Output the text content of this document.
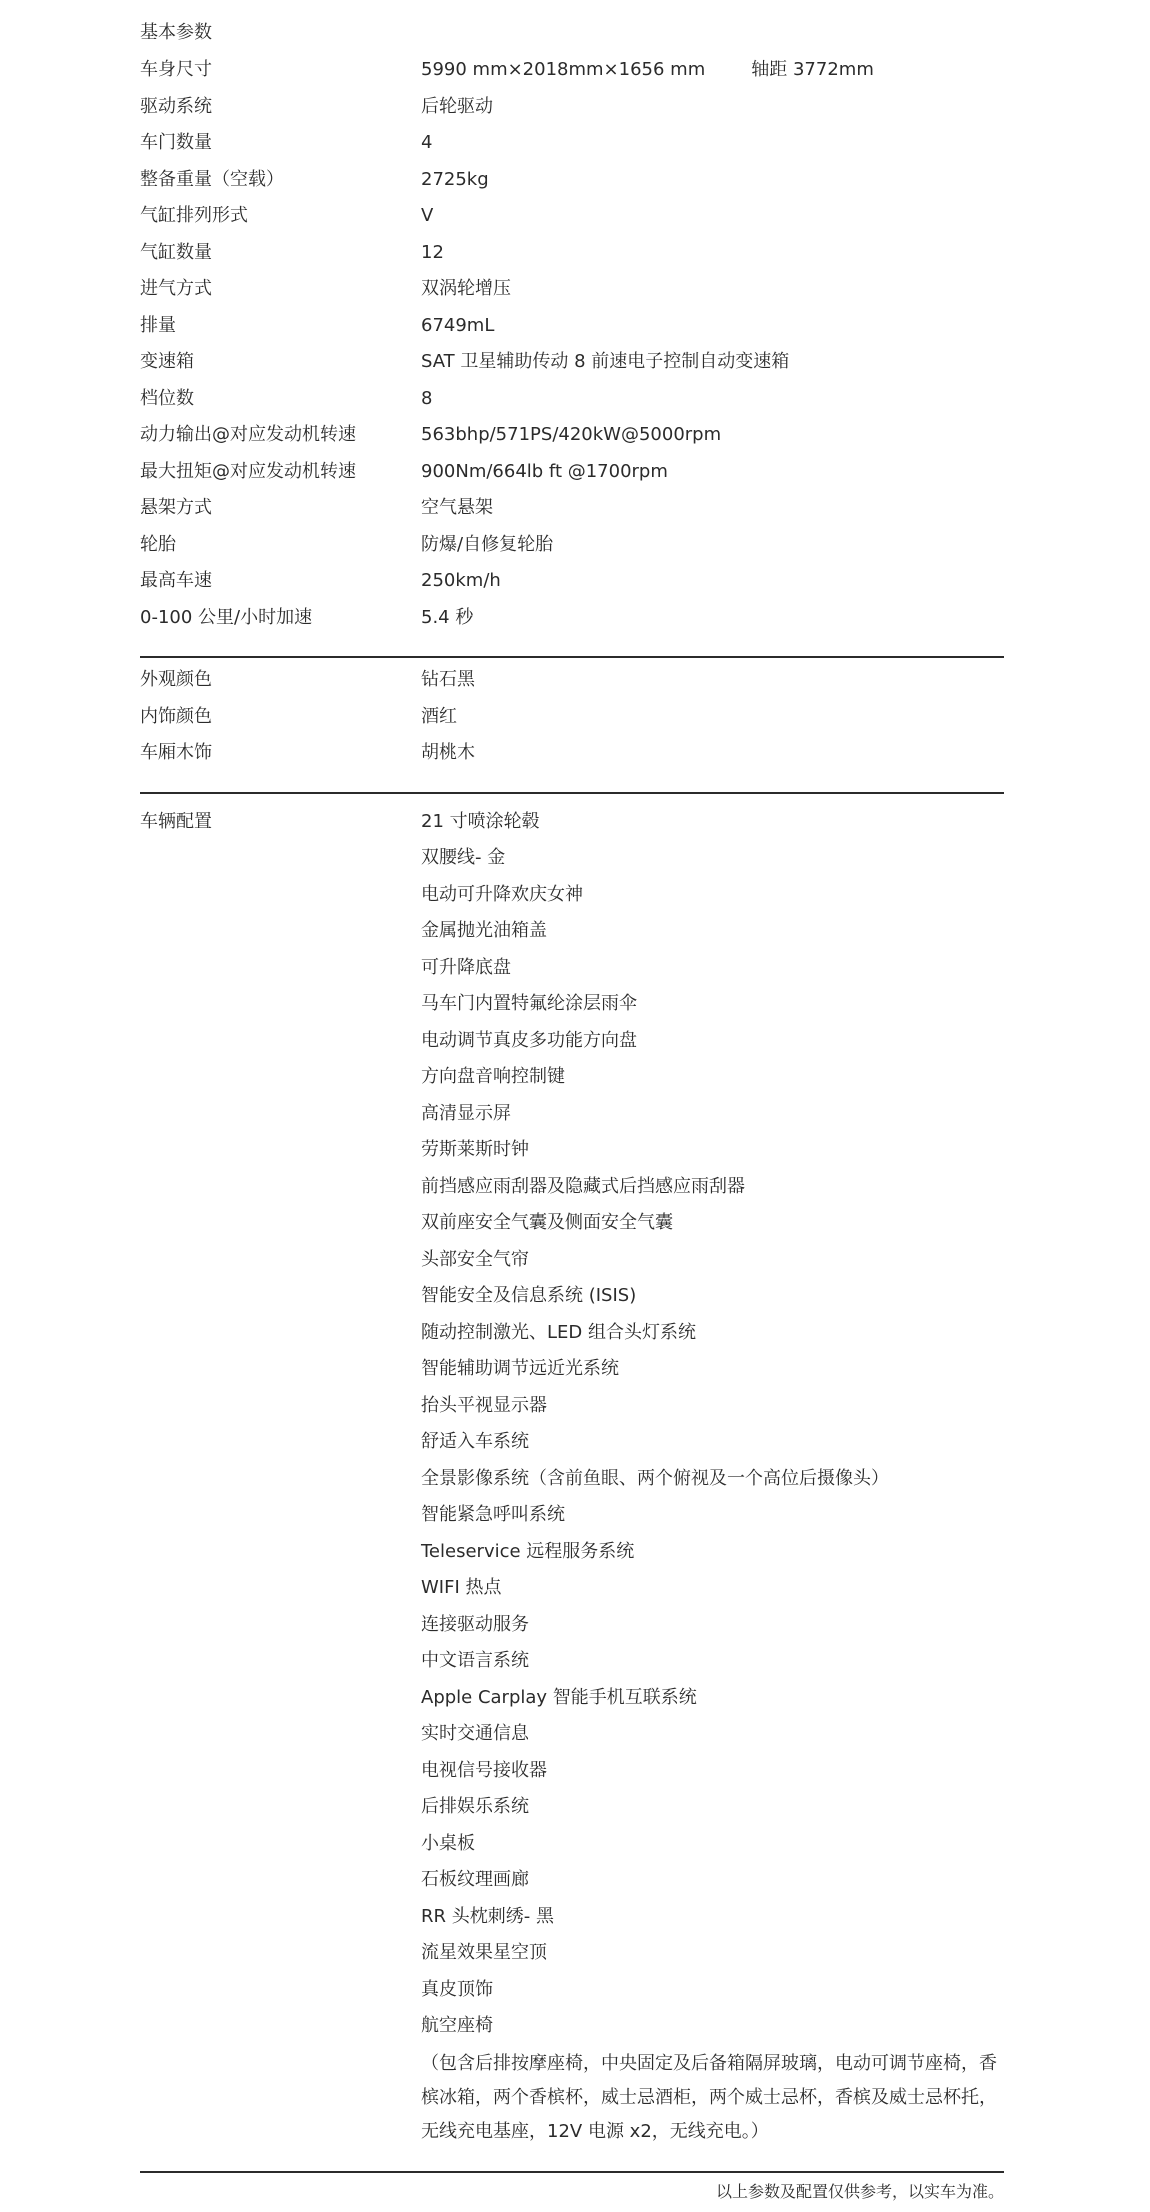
基本参数
车身尺寸	5990 mm×2018mm×1656 mm	轴距 3772mm
驱动系统	后轮驱动
车门数量	4
整备重量（空载）	2725kg
气缸排列形式	V
气缸数量	12
进气方式	双涡轮增压
排量	6749mL
变速箱	SAT 卫星辅助传动 8 前速电子控制自动变速箱
档位数	8
动力输出@对应发动机转速	563bhp/571PS/420kW@5000rpm
最大扭矩@对应发动机转速	900Nm/664lb ft @1700rpm
悬架方式	空气悬架
轮胎	防爆/自修复轮胎
最高车速	250km/h
0-100 公里/小时加速	5.4 秒
外观颜色	钻石黑
内饰颜色	酒红
车厢木饰	胡桃木
车辆配置	21 寸喷涂轮毂
双腰线- 金
电动可升降欢庆女神
金属抛光油箱盖
可升降底盘
马车门内置特氟纶涂层雨伞
电动调节真皮多功能方向盘
方向盘音响控制键
高清显示屏
劳斯莱斯时钟
前挡感应雨刮器及隐藏式后挡感应雨刮器
双前座安全气囊及侧面安全气囊
头部安全气帘
智能安全及信息系统 (ISIS)
随动控制激光、LED 组合头灯系统
智能辅助调节远近光系统
抬头平视显示器
舒适入车系统
全景影像系统（含前鱼眼、两个俯视及一个高位后摄像头）
智能紧急呼叫系统
Teleservice 远程服务系统
WIFI 热点
连接驱动服务
中文语言系统
Apple Carplay 智能手机互联系统
实时交通信息
电视信号接收器
后排娱乐系统
小桌板
石板纹理画廊
RR 头枕刺绣- 黑
流星效果星空顶
真皮顶饰
航空座椅
（包含后排按摩座椅，中央固定及后备箱隔屏玻璃，电动可调节座椅，香槟冰箱，两个香槟杯，威士忌酒柜，两个威士忌杯，香槟及威士忌杯托，无线充电基座，12V 电源 x2，无线充电。）
以上参数及配置仅供参考，以实车为准。
